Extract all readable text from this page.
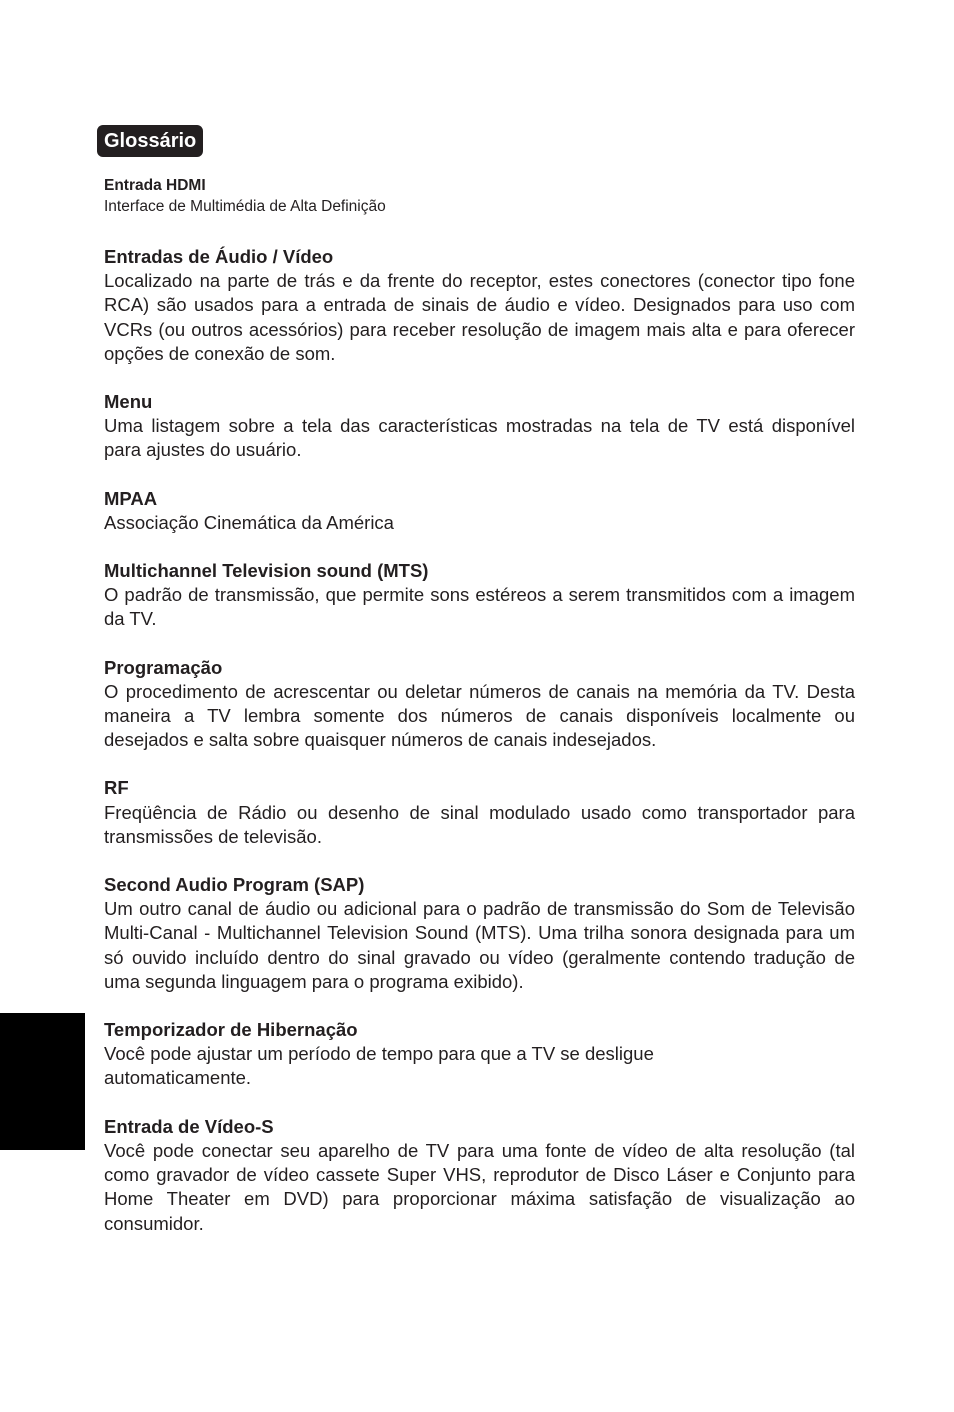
Glossário

Entrada HDMI

Interface de Multimédia de Alta Definição

Entradas de Áudio / Vídeo

Localizado na parte de trás e da frente do receptor, estes conectores (conector tipo fone RCA) são usados para a entrada de sinais de áudio e vídeo. Designados para uso com VCRs (ou outros acessórios) para receber resolução de imagem mais alta e para oferecer opções de conexão de som.

Menu

Uma listagem sobre a tela das características mostradas na tela de TV está disponível para ajustes do usuário.

MPAA

Associação Cinemática da América

Multichannel Television sound (MTS)

O padrão de transmissão, que permite sons estéreos a serem transmitidos com a imagem da TV.

Programação

O procedimento de acrescentar ou deletar números de canais na memória da TV. Desta maneira a TV lembra somente dos números de canais disponíveis localmente ou desejados e salta sobre quaisquer números de canais indesejados.

RF

Freqüência de Rádio ou desenho de sinal modulado usado como transportador para transmissões de televisão.

Second Audio Program (SAP)

Um outro canal de áudio ou adicional para o padrão de transmissão do Som de Televisão Multi-Canal - Multichannel Television Sound (MTS). Uma trilha sonora designada para um só ouvido incluído dentro do sinal gravado ou vídeo (geralmente contendo tradução de uma segunda linguagem para o programa exibido).

Temporizador de Hibernação

Você pode ajustar um período de tempo para que a TV se desligue automaticamente.

Entrada de Vídeo-S

Você pode conectar seu aparelho de TV para uma fonte de vídeo de alta resolução (tal como gravador de vídeo cassete Super VHS, reprodutor de Disco Láser e Conjunto para Home Theater em DVD) para proporcionar máxima satisfação de visualização ao consumidor.
